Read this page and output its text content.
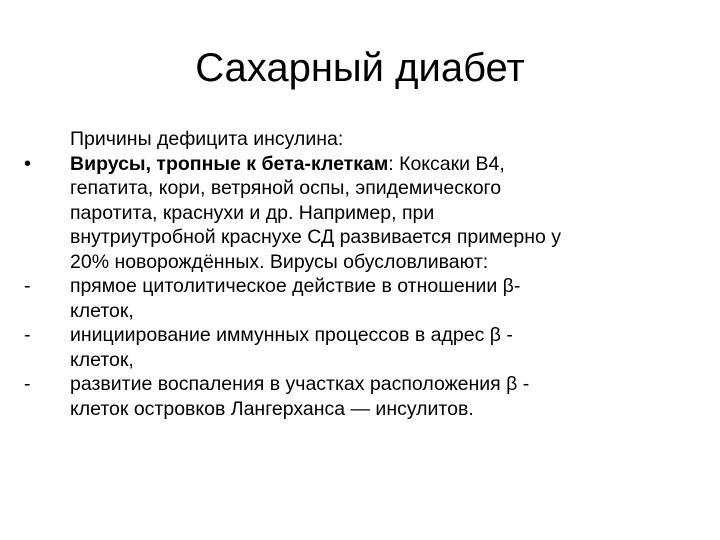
Сахарный диабет
Причины дефицита инсулина:
•	Вирусы, тропные к бета-клеткам: Коксаки В4,
гепатита, кори, ветряной оспы, эпидемического
паротита, краснухи и др. Например, при
внутриутробной краснухе СД развивается примерно у
20% новорождённых. Вирусы обусловливают:
-	прямое цитолитическое действие в отношении β-
клеток,
-	инициирование иммунных процессов в адрес β -
клеток,
-	развитие воспаления в участках расположения β -
клеток островков Лангерханса — инсулитов.
